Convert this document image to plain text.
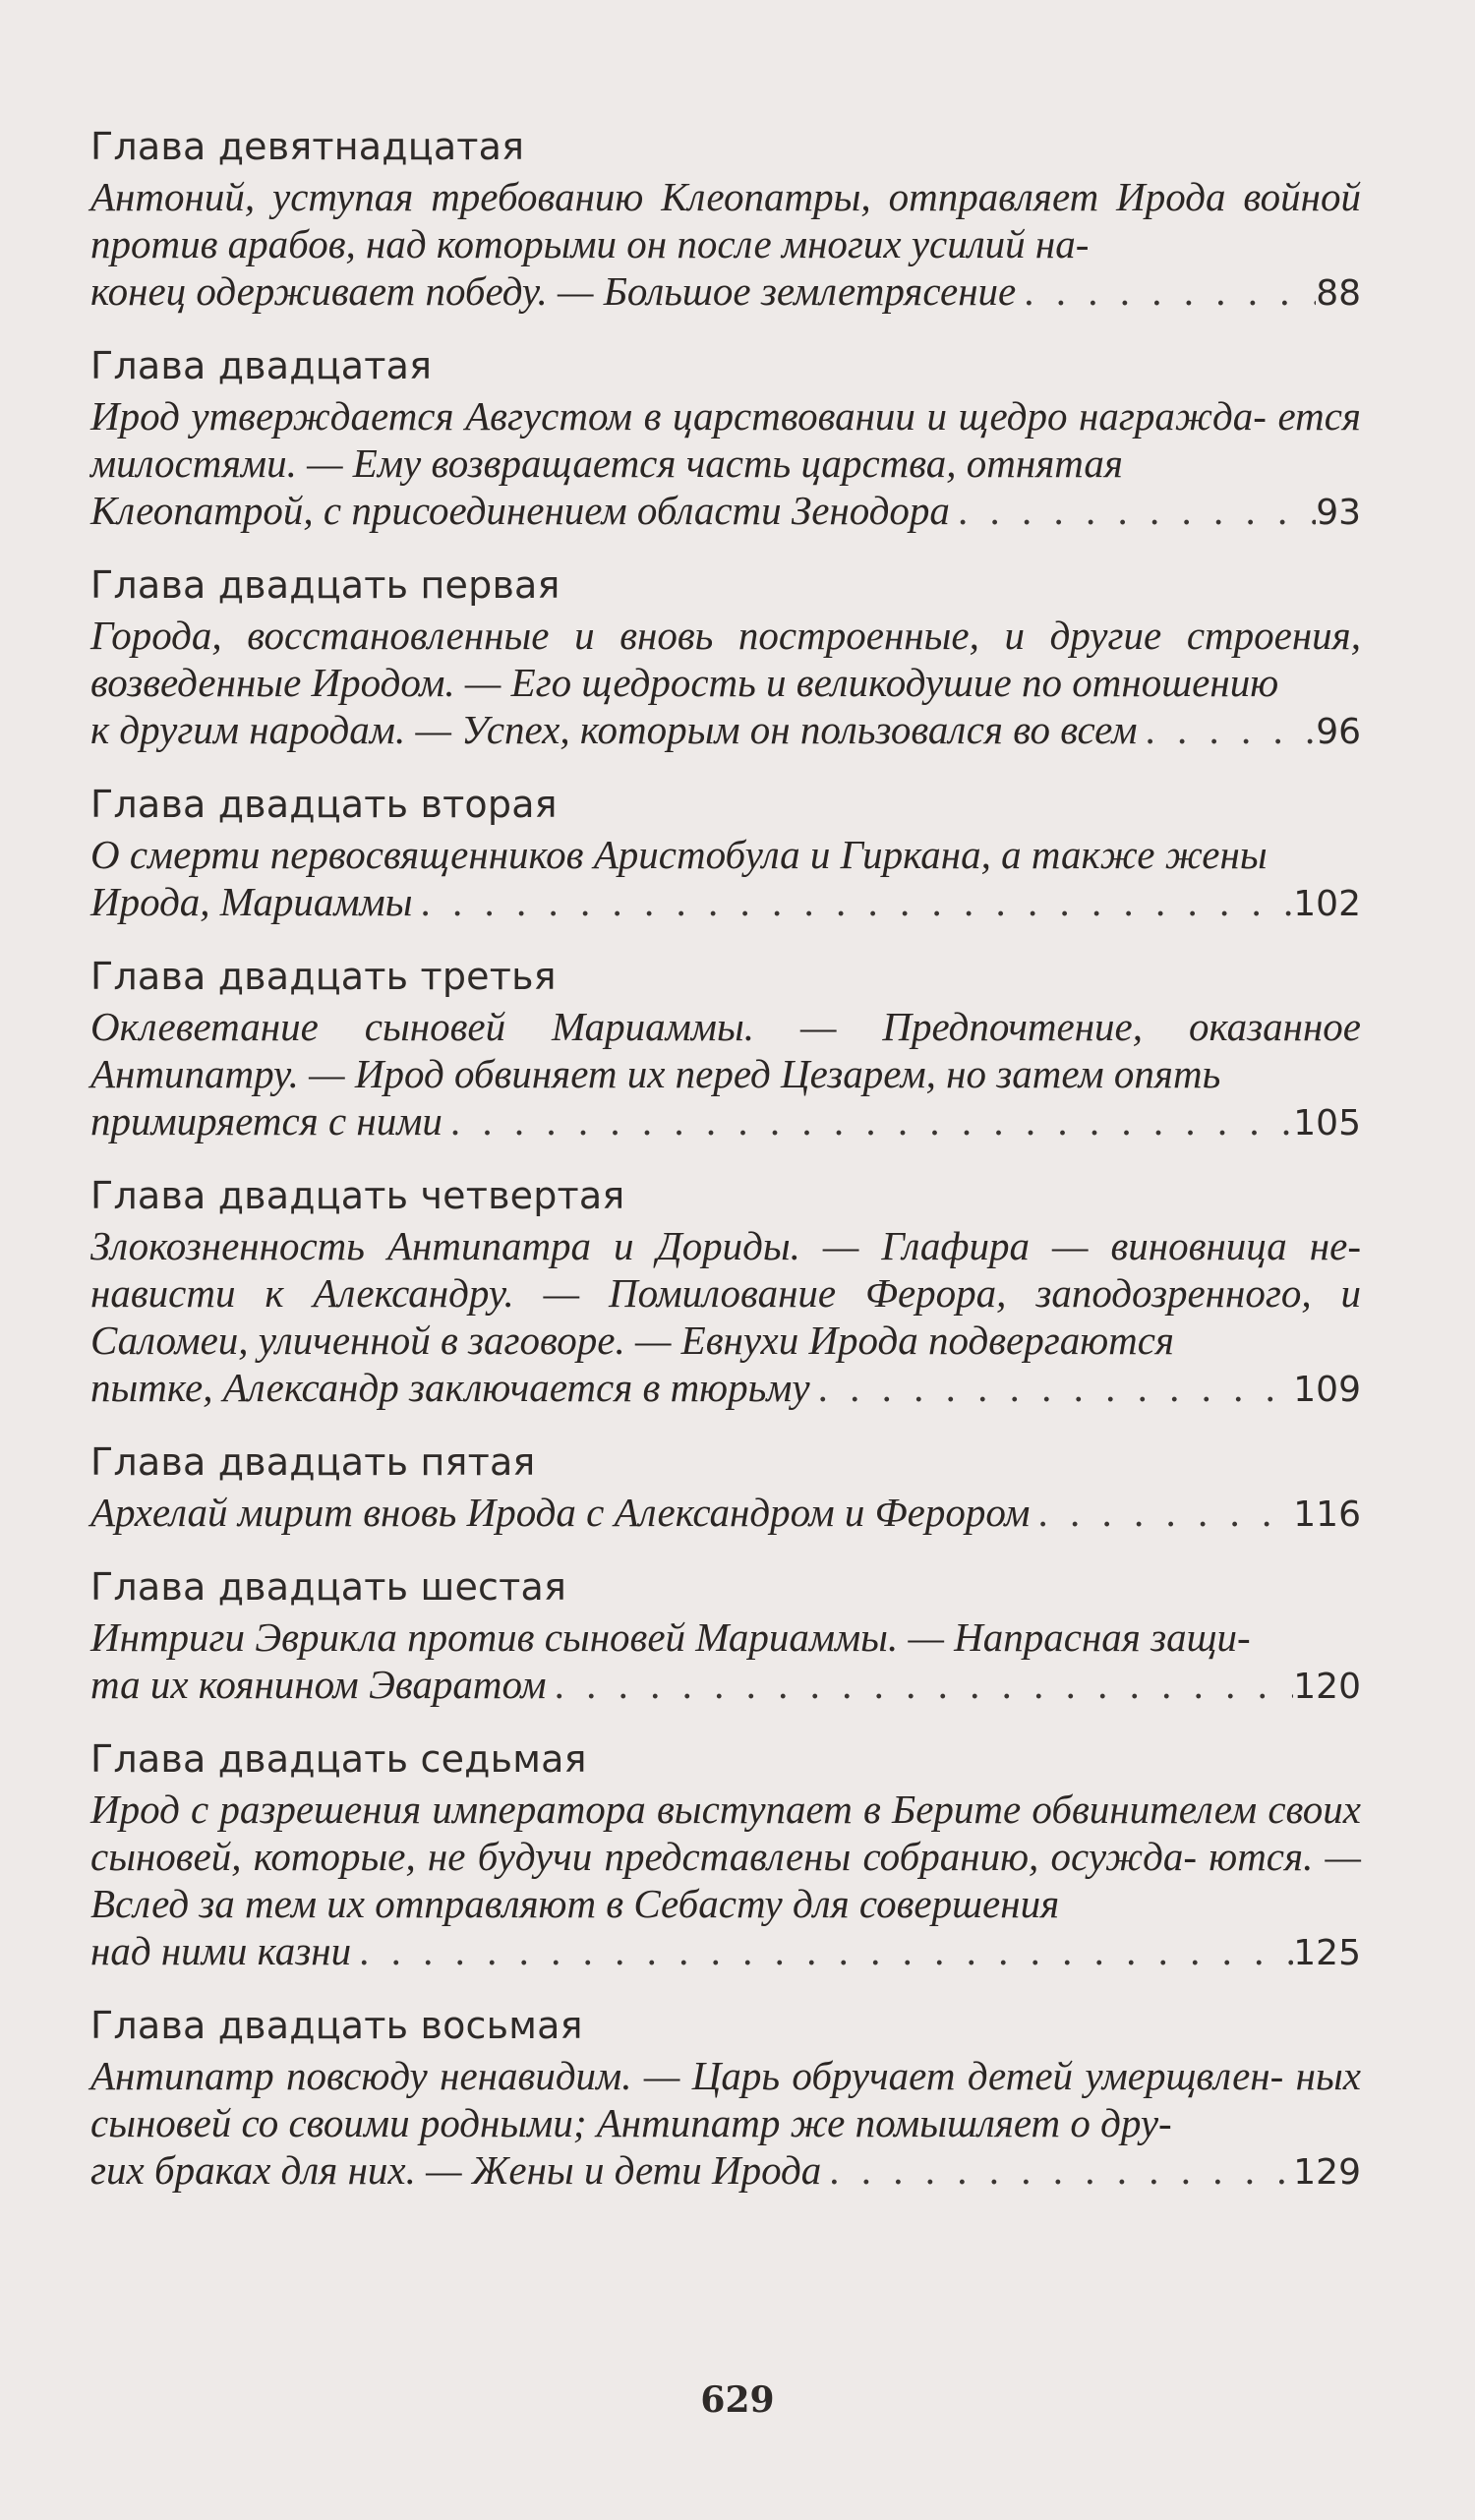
Глава девятнадцатая
Антоний, уступая требованию Клеопатры, отправляет Ирода войной против арабов, над которыми он после многих усилий на-
конец одерживает победу. — Большое землетрясение . . .	88
Глава двадцатая
Ирод утверждается Августом в царствовании и щедро награжда- ется милостями. — Ему возвращается часть царства, отнятая
Клеопатрой, с присоединением области Зенодора . . .	93
Глава двадцать первая
Города, восстановленные и вновь построенные, и другие строения, возведенные Иродом. — Его щедрость и великодушие по отношению
к другим народам. — Успех, которым он пользовался во всем . . .	96
Глава двадцать вторая
О смерти первосвященников Аристобула и Гиркана, а также жены
Ирода, Мариаммы . . .	102
Глава двадцать третья
Оклеветание сыновей Мариаммы. — Предпочтение, оказанное Антипатру. — Ирод обвиняет их перед Цезарем, но затем опять
примиряется с ними . . .	105
Глава двадцать четвертая
Злокозненность Антипатра и Дориды. — Глафира — виновница не- нависти к Александру. — Помилование Ферора, заподозренного, и Саломеи, уличенной в заговоре. — Евнухи Ирода подвергаются
пытке, Александр заключается в тюрьму . . .	109
Глава двадцать пятая
Архелай мирит вновь Ирода с Александром и Ферором . . .	116
Глава двадцать шестая
Интриги Эврикла против сыновей Мариаммы. — Напрасная защи-
та их коянином Эваратом . . .	120
Глава двадцать седьмая
Ирод с разрешения императора выступает в Берите обвинителем своих сыновей, которые, не будучи представлены собранию, осужда- ются. — Вслед за тем их отправляют в Себасту для совершения
над ними казни . . .	125
Глава двадцать восьмая
Антипатр повсюду ненавидим. — Царь обручает детей умерщвлен- ных сыновей со своими родными; Антипатр же помышляет о дру-
гих браках для них. — Жены и дети Ирода . . .	129
629
